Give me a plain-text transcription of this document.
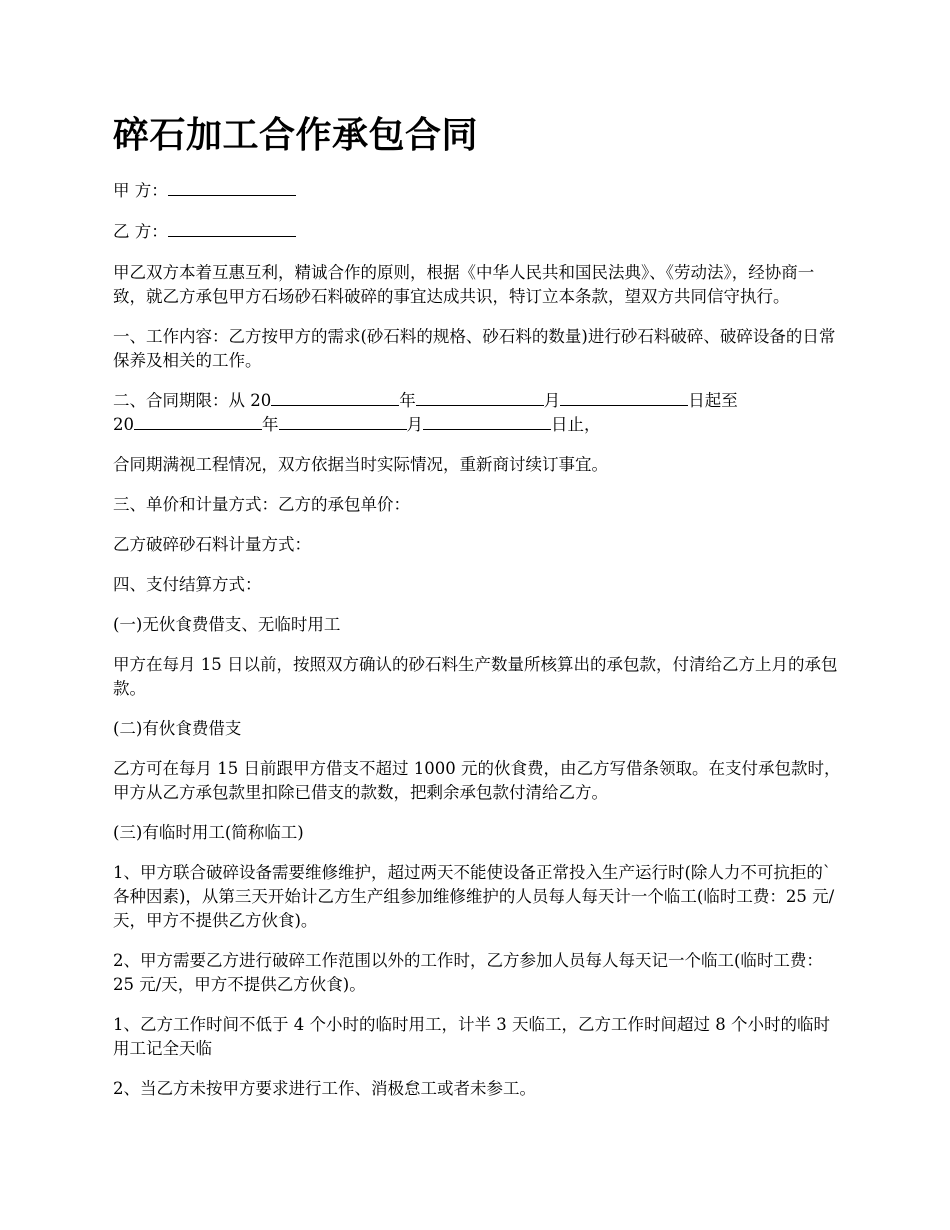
碎石加工合作承包合同

甲 方：

乙 方：

甲乙双方本着互惠互利，精诚合作的原则，根据《中华人民共和国民法典》、《劳动法》，经协商一致，就乙方承包甲方石场砂石料破碎的事宜达成共识，特订立本条款，望双方共同信守执行。

一、工作内容：乙方按甲方的需求(砂石料的规格、砂石料的数量)进行砂石料破碎、破碎设备的日常保养及相关的工作。

二、合同期限：从 20	年	月	日起至
20	年	月	日止，

合同期满视工程情况，双方依据当时实际情况，重新商讨续订事宜。

三、单价和计量方式：乙方的承包单价：

乙方破碎砂石料计量方式：

四、支付结算方式：

(一)无伙食费借支、无临时用工

甲方在每月 15 日以前，按照双方确认的砂石料生产数量所核算出的承包款，付清给乙方上月的承包款。

(二)有伙食费借支

乙方可在每月 15 日前跟甲方借支不超过 1000 元的伙食费，由乙方写借条领取。在支付承包款时，甲方从乙方承包款里扣除已借支的款数，把剩余承包款付清给乙方。

(三)有临时用工(简称临工)

1、甲方联合破碎设备需要维修维护，超过两天不能使设备正常投入生产运行时(除人力不可抗拒的`各种因素)，从第三天开始计乙方生产组参加维修维护的人员每人每天计一个临工(临时工费：25 元/天，甲方不提供乙方伙食)。

2、甲方需要乙方进行破碎工作范围以外的工作时，乙方参加人员每人每天记一个临工(临时工费：25 元/天，甲方不提供乙方伙食)。

1、乙方工作时间不低于 4 个小时的临时用工，计半 3 天临工，乙方工作时间超过 8 个小时的临时用工记全天临

2、当乙方未按甲方要求进行工作、消极怠工或者未参工。
